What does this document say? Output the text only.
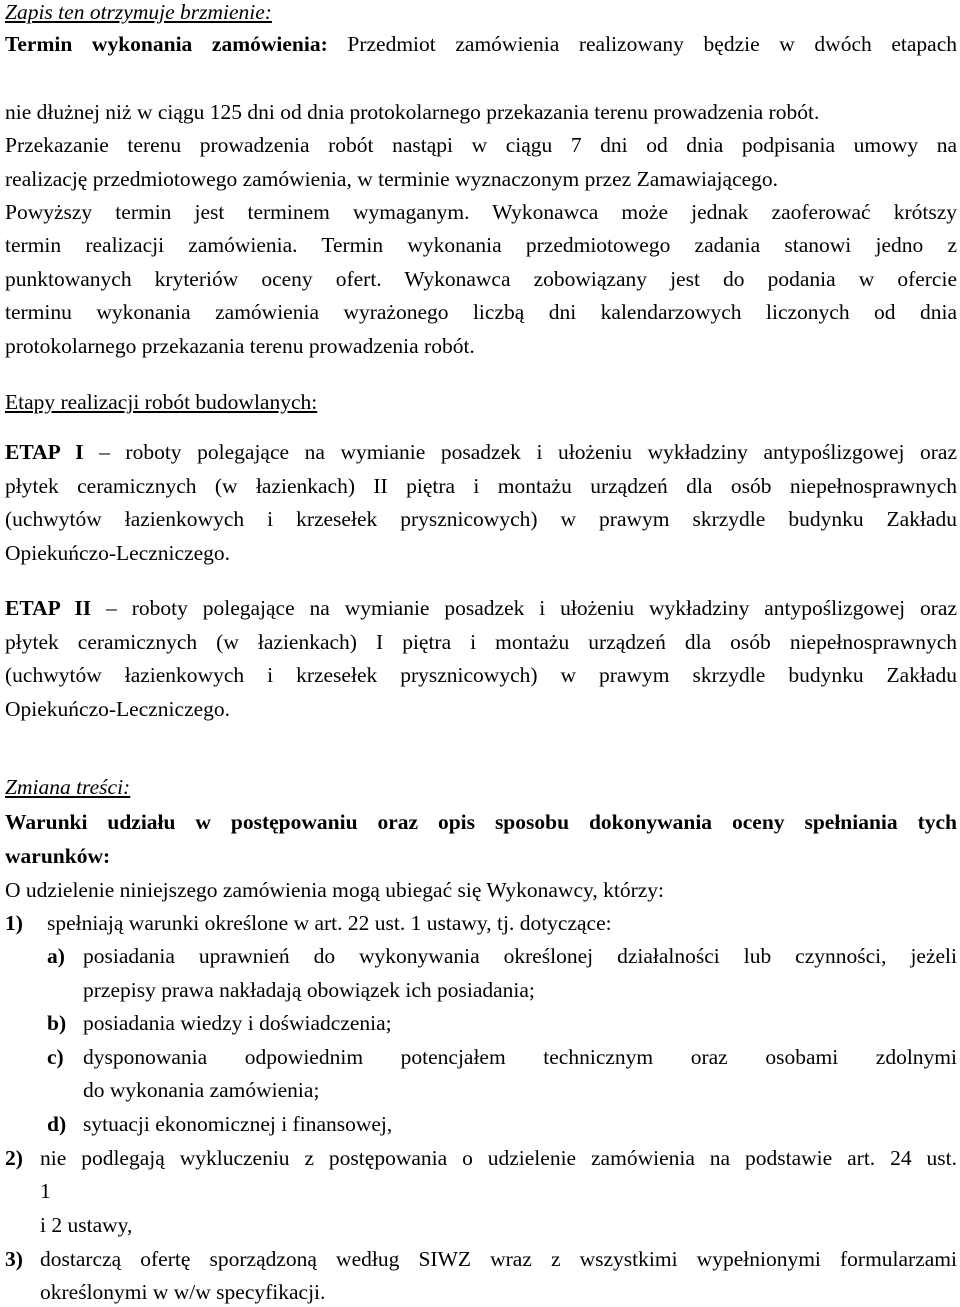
Zapis ten otrzymuje brzmienie:
Termin wykonania zamówienia: Przedmiot zamówienia realizowany będzie w dwóch etapach
nie dłużnej niż w ciągu 125 dni od dnia protokolarnego przekazania terenu prowadzenia robót.
Przekazanie terenu prowadzenia robót nastąpi w ciągu 7 dni od dnia podpisania umowy na
realizację przedmiotowego zamówienia, w terminie wyznaczonym przez Zamawiającego.
Powyższy termin jest terminem wymaganym. Wykonawca może jednak zaoferować krótszy
termin realizacji zamówienia. Termin wykonania przedmiotowego zadania stanowi jedno z
punktowanych kryteriów oceny ofert. Wykonawca zobowiązany jest do podania w ofercie
terminu wykonania zamówienia wyrażonego liczbą dni kalendarzowych liczonych od dnia
protokolarnego przekazania terenu prowadzenia robót.
Etapy realizacji robót budowlanych:
ETAP I – roboty polegające na wymianie posadzek i ułożeniu wykładziny antypoślizgowej oraz
płytek ceramicznych (w łazienkach) II piętra i montażu urządzeń dla osób niepełnosprawnych
(uchwytów łazienkowych i krzesełek prysznicowych) w prawym skrzydle budynku Zakładu
Opiekuńczo-Leczniczego.
ETAP II – roboty polegające na wymianie posadzek i ułożeniu wykładziny antypoślizgowej oraz
płytek ceramicznych (w łazienkach) I piętra i montażu urządzeń dla osób niepełnosprawnych
(uchwytów łazienkowych i krzesełek prysznicowych) w prawym skrzydle budynku Zakładu
Opiekuńczo-Leczniczego.
Zmiana treści:
Warunki udziału w postępowaniu oraz opis sposobu dokonywania oceny spełniania tych
warunków:
O udzielenie niniejszego zamówienia mogą ubiegać się Wykonawcy, którzy:
1) spełniają warunki określone w art. 22 ust. 1 ustawy, tj. dotyczące:
a) posiadania uprawnień do wykonywania określonej działalności lub czynności, jeżeli
przepisy prawa nakładają obowiązek ich posiadania;
b) posiadania wiedzy i doświadczenia;
c) dysponowania odpowiednim potencjałem technicznym oraz osobami zdolnymi
do wykonania zamówienia;
d) sytuacji ekonomicznej i finansowej,
2) nie podlegają wykluczeniu z postępowania o udzielenie zamówienia na podstawie art. 24 ust.
1
i 2 ustawy,
3) dostarczą ofertę sporządzoną według SIWZ wraz z wszystkimi wypełnionymi formularzami
określonymi w w/w specyfikacji.
